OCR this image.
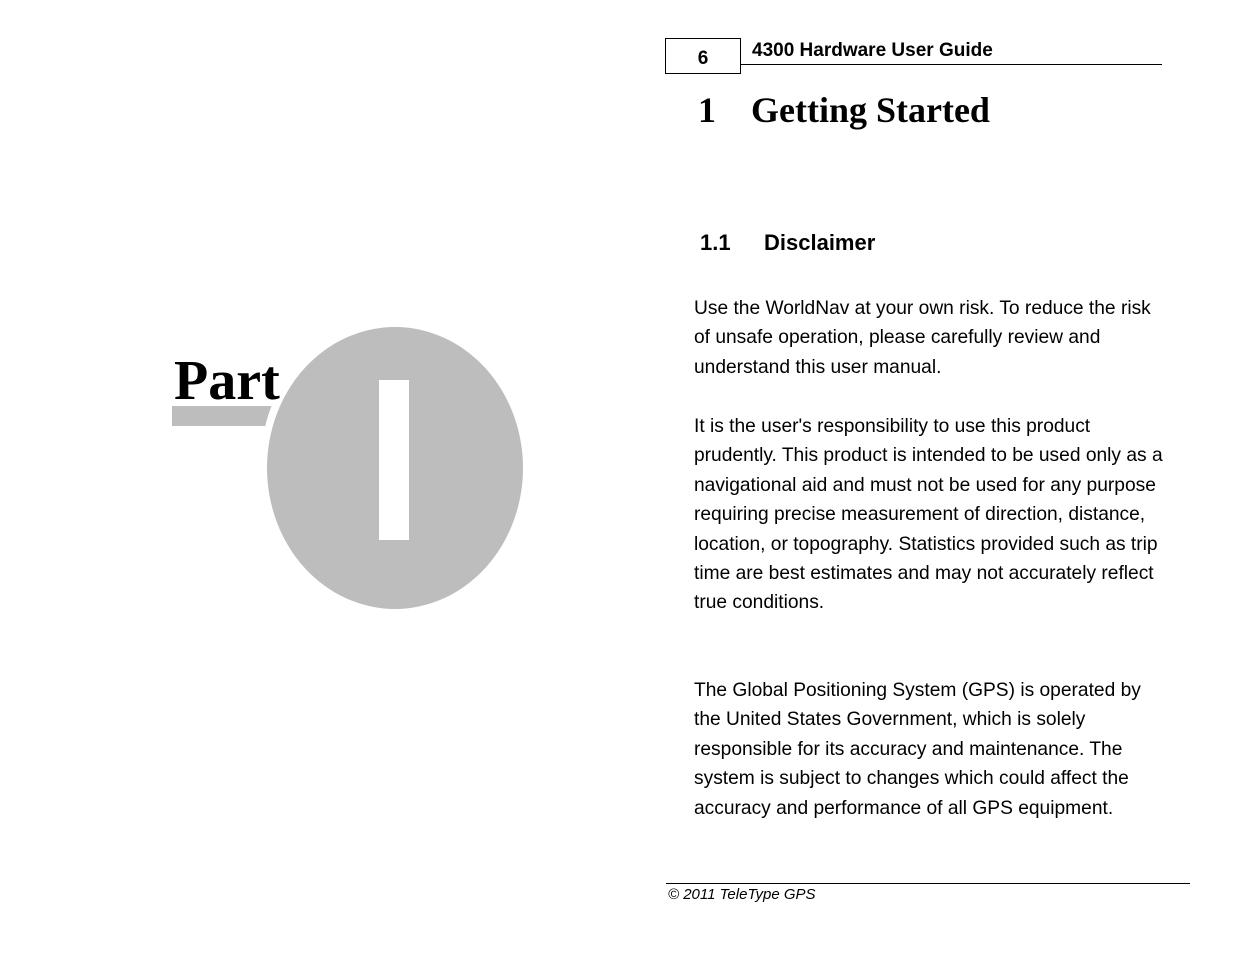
Part
6	4300 Hardware User Guide
1 Getting Started
1.1 Disclaimer

Use the WorldNav at your own risk. To reduce the risk of unsafe operation, please carefully review and understand this user manual.

It is the user's responsibility to use this product prudently. This product is intended to be used only as a navigational aid and must not be used for any purpose requiring precise measurement of direction, distance, location, or topography. Statistics provided such as trip time are best estimates and may not accurately reflect true conditions.

The Global Positioning System (GPS) is operated by the United States Government, which is solely responsible for its accuracy and maintenance. The system is subject to changes which could affect the accuracy and performance of all GPS equipment.

© 2011 TeleType GPS
